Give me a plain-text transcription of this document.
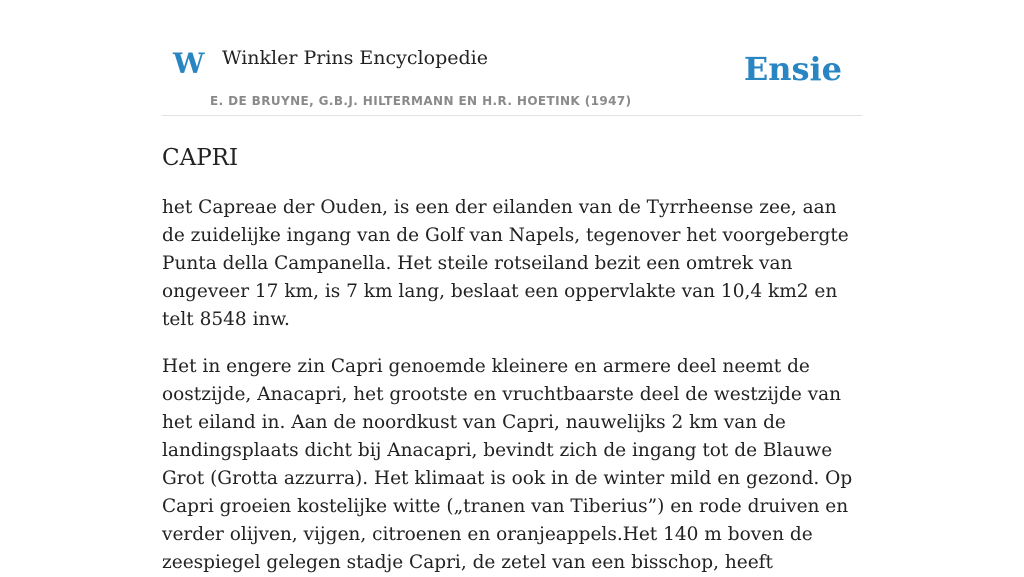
W Winkler Prins Encyclopedie
E. DE BRUYNE, G.B.J. HILTERMANN EN H.R. HOETINK (1947)
Ensie
CAPRI

het Capreae der Ouden, is een der eilanden van de Tyrrheense zee, aan de zuidelijke ingang van de Golf van Napels, tegenover het voorgebergte Punta della Campanella. Het steile rotseiland bezit een omtrek van ongeveer 17 km, is 7 km lang, beslaat een oppervlakte van 10,4 km2 en telt 8548 inw.

Het in engere zin Capri genoemde kleinere en armere deel neemt de oostzijde, Anacapri, het grootste en vruchtbaarste deel de westzijde van het eiland in. Aan de noordkust van Capri, nauwelijks 2 km van de landingsplaats dicht bij Anacapri, bevindt zich de ingang tot de Blauwe Grot (Grotta azzurra). Het klimaat is ook in de winter mild en gezond. Op Capri groeien kostelijke witte („tranen van Tiberius”) en rode druiven en verder olijven, vijgen, citroenen en oranjeappels.Het 140 m boven de zeespiegel gelegen stadje Capri, de zetel van een bisschop, heeft
